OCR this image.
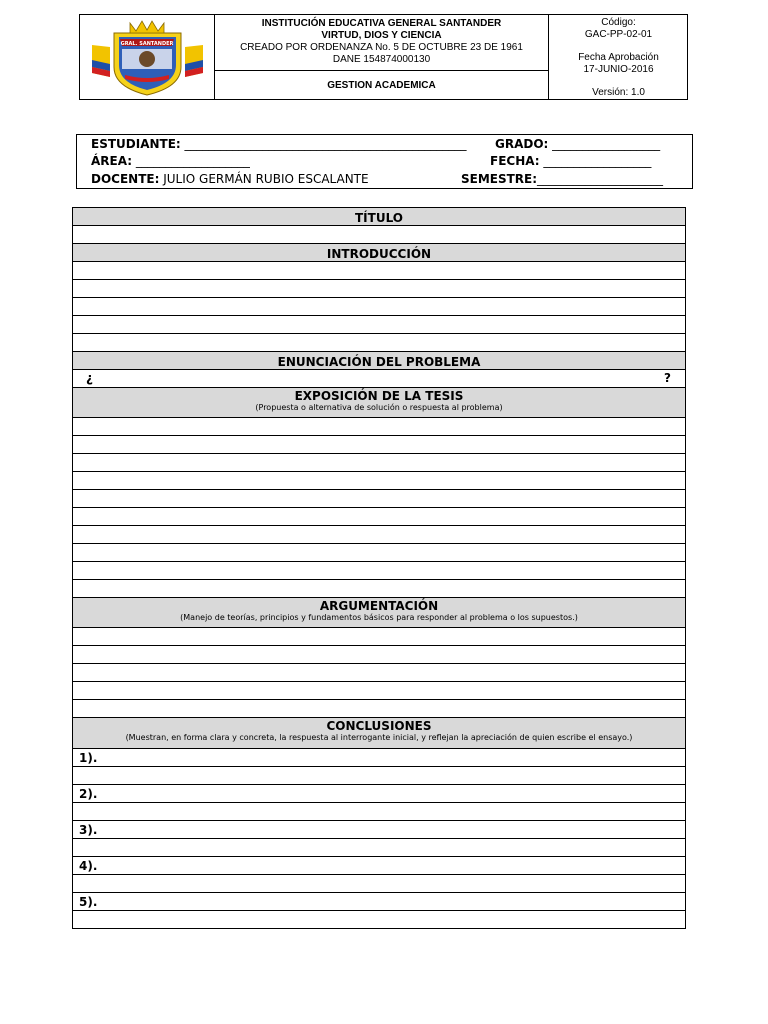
GRAL. SANTANDER
INSTITUCIÓN EDUCATIVA GENERAL SANTANDER
VIRTUD, DIOS Y CIENCIA
CREADO POR ORDENANZA No. 5 DE OCTUBRE 23 DE 1961
DANE 154874000130
GESTION ACADEMICA
Código:
GAC-PP-02-01
Fecha Aprobación
17-JUNIO-2016
Versión: 1.0
ESTUDIANTE: _______________________________________________ GRADO: __________________
ÁREA: ___________________	FECHA: __________________
DOCENTE: JULIO GERMÁN RUBIO ESCALANTE	SEMESTRE:_____________________
TÍTULO
INTRODUCCIÓN
ENUNCIACIÓN DEL PROBLEMA
¿	?
EXPOSICIÓN DE LA TESIS
(Propuesta o alternativa de solución o respuesta al problema)
ARGUMENTACIÓN
(Manejo de teorías, principios y fundamentos básicos para responder al problema o los supuestos.)
CONCLUSIONES
(Muestran, en forma clara y concreta, la respuesta al interrogante inicial, y reflejan la apreciación de quien escribe el ensayo.)
1).
2).
3).
4).
5).
